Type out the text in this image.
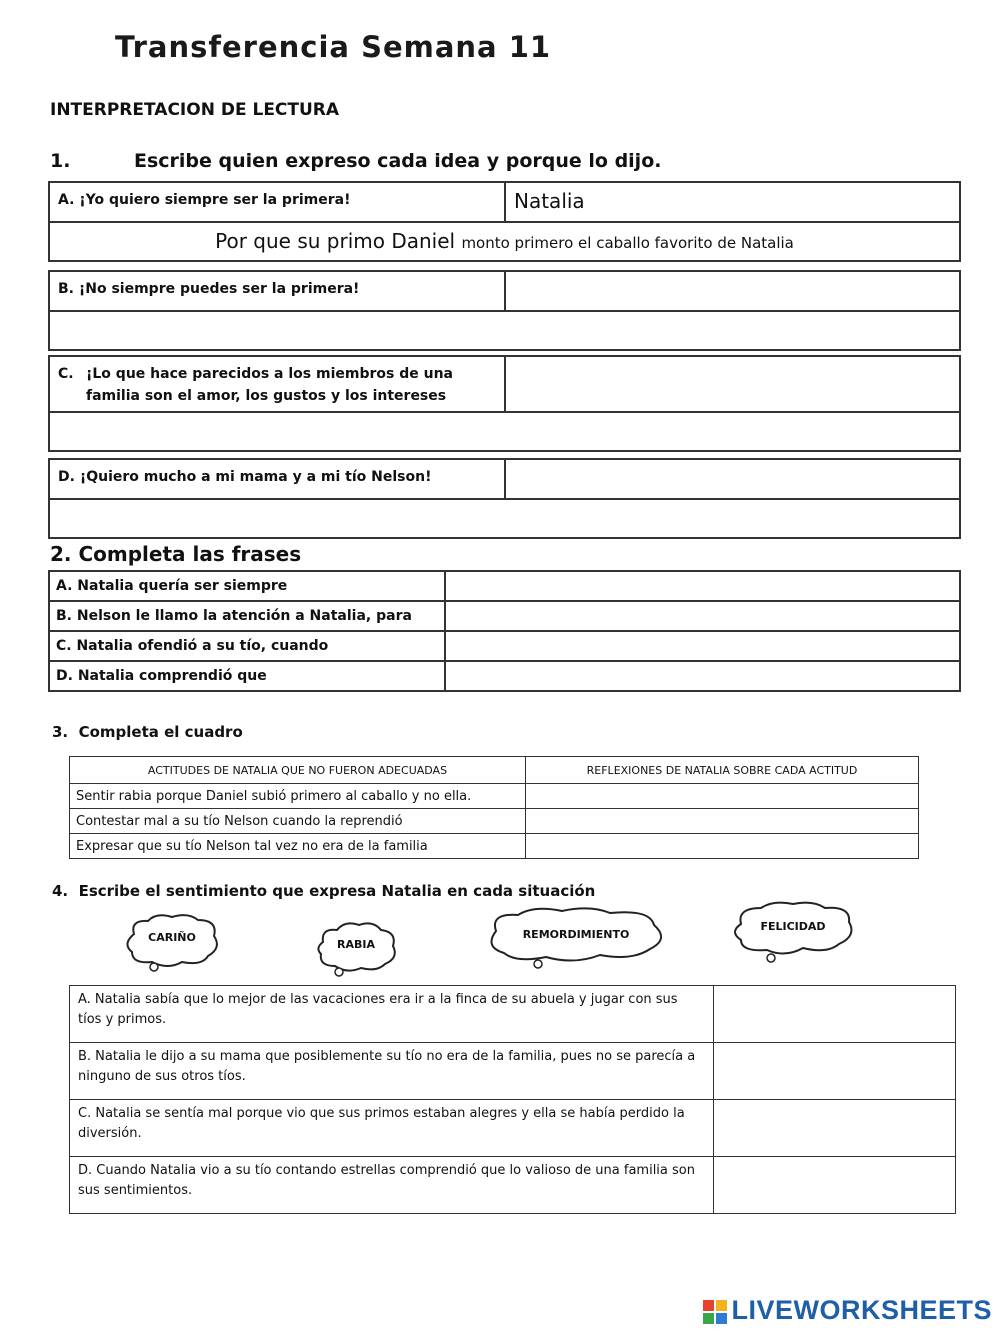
Transferencia Semana 11
INTERPRETACION DE LECTURA
1.	Escribe quien expreso cada idea y porque lo dijo.
A. ¡Yo quiero siempre ser la primera!	Natalia
Por que su primo Daniel monto primero el caballo favorito de Natalia
B. ¡No siempre puedes ser la primera!
C. ¡Lo que hace parecidos a los miembros de una familia son el amor, los gustos y los intereses
D. ¡Quiero mucho a mi mama y a mi tío Nelson!
2. Completa las frases
A. Natalia quería ser siempre	
B. Nelson le llamo la atención a Natalia, para	
C. Natalia ofendió a su tío, cuando	
D. Natalia comprendió que	
3.  Completa el cuadro
ACTITUDES DE NATALIA QUE NO FUERON ADECUADAS	REFLEXIONES DE NATALIA SOBRE CADA ACTITUD
Sentir rabia porque Daniel subió primero al caballo y no ella.	
Contestar mal a su tío Nelson cuando la reprendió	
Expresar que su tío Nelson tal vez no era de la familia	
4.  Escribe el sentimiento que expresa Natalia en cada situación
CARIÑO
RABIA
REMORDIMIENTO
FELICIDAD
A. Natalia sabía que lo mejor de las vacaciones era ir a la finca de su abuela y jugar con sus tíos y primos.	
B. Natalia le dijo a su mama que posiblemente su tío no era de la familia, pues no se parecía a ninguno de sus otros tíos.	
C. Natalia se sentía mal porque vio que sus primos estaban alegres y ella se había perdido la diversión.	
D. Cuando Natalia vio a su tío contando estrellas comprendió que lo valioso de una familia son sus sentimientos.	
LIVEWORKSHEETS
